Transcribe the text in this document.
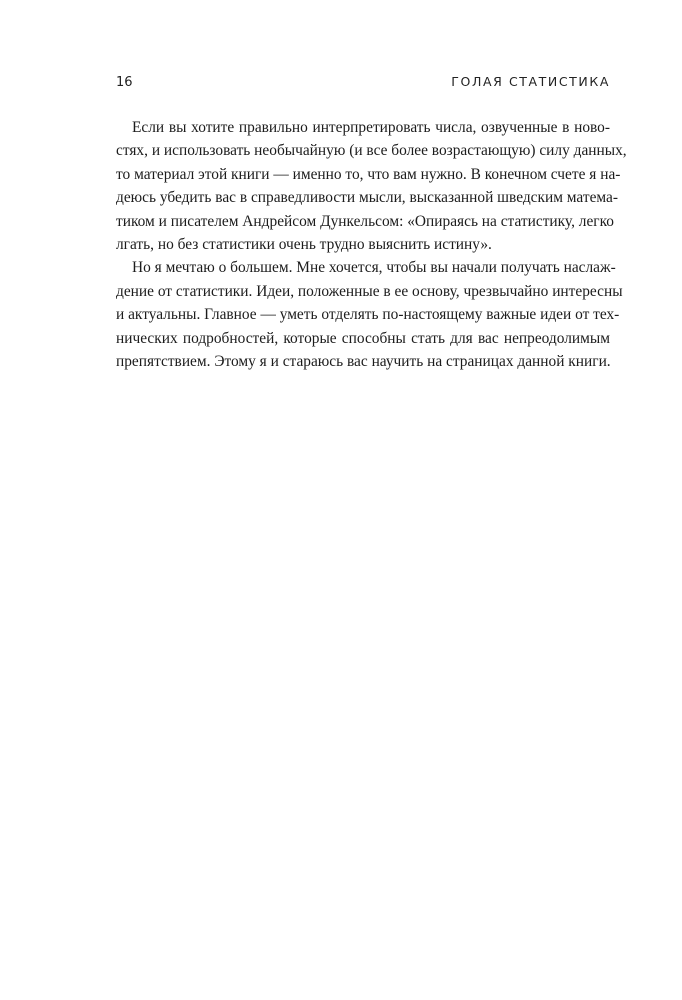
16	ГОЛАЯ СТАТИСТИКА
Если вы хотите правильно интерпретировать числа, озвученные в ново-
стях, и использовать необычайную (и все более возрастающую) силу данных,
то материал этой книги — именно то, что вам нужно. В конечном счете я на-
деюсь убедить вас в справедливости мысли, высказанной шведским матема-
тиком и писателем Андрейсом Дункельсом: «Опираясь на статистику, легко
лгать, но без статистики очень трудно выяснить истину».
Но я мечтаю о большем. Мне хочется, чтобы вы начали получать наслаж-
дение от статистики. Идеи, положенные в ее основу, чрезвычайно интересны
и актуальны. Главное — уметь отделять по-настоящему важные идеи от тех-
нических подробностей, которые способны стать для вас непреодолимым
препятствием. Этому я и стараюсь вас научить на страницах данной книги.
